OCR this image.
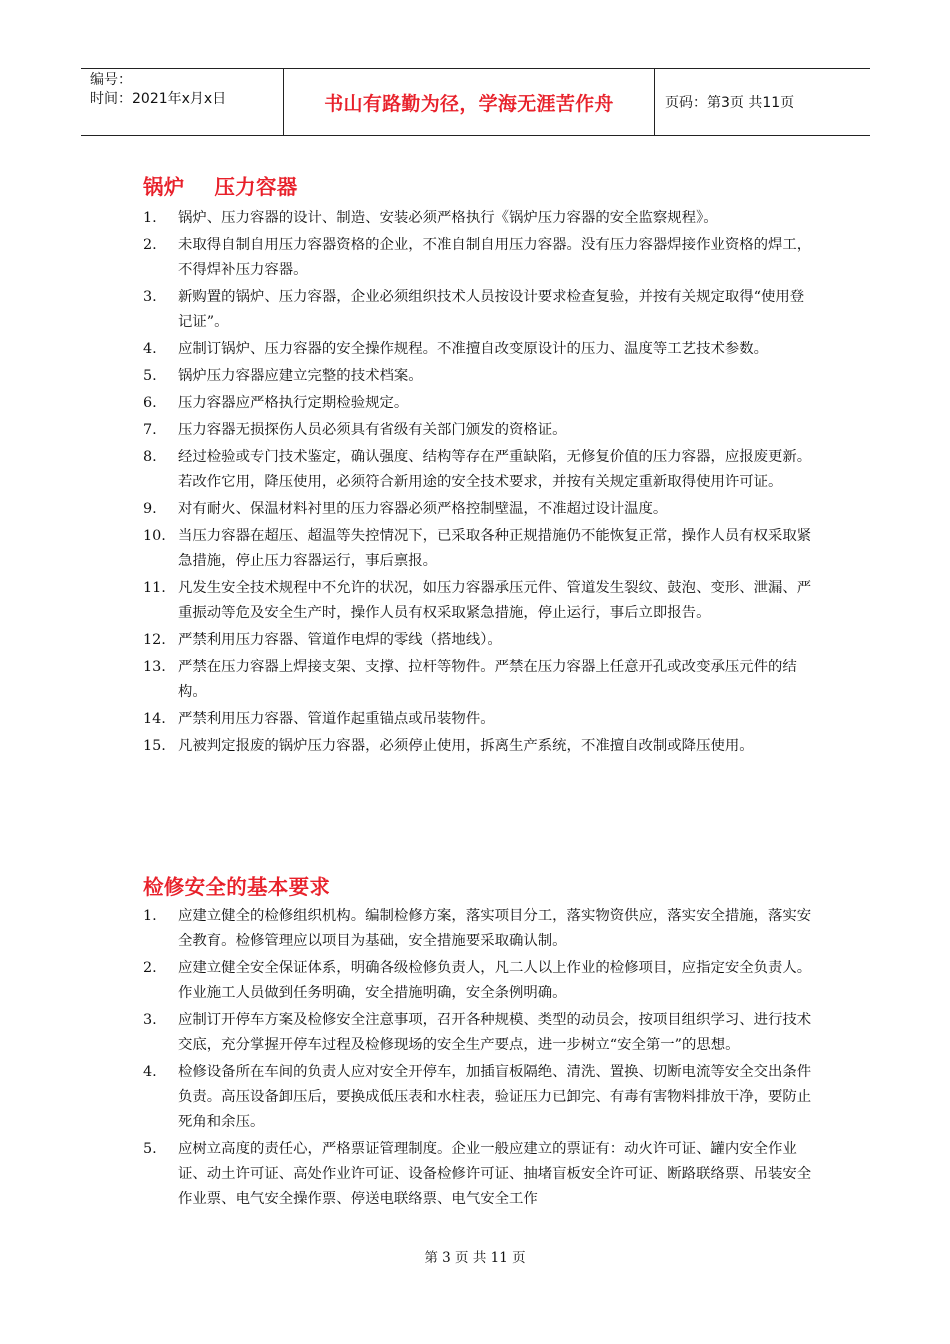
编号：
时间：2021年x月x日	书山有路勤为径，学海无涯苦作舟	页码：第3页 共11页
锅炉    压力容器
1. 锅炉、压力容器的设计、制造、安装必须严格执行《锅炉压力容器的安全监察规程》。
2. 未取得自制自用压力容器资格的企业，不准自制自用压力容器。没有压力容器焊接作业资格的焊工，不得焊补压力容器。
3. 新购置的锅炉、压力容器，企业必须组织技术人员按设计要求检查复验，并按有关规定取得“使用登记证”。
4. 应制订锅炉、压力容器的安全操作规程。不准擅自改变原设计的压力、温度等工艺技术参数。
5. 锅炉压力容器应建立完整的技术档案。
6. 压力容器应严格执行定期检验规定。
7. 压力容器无损探伤人员必须具有省级有关部门颁发的资格证。
8. 经过检验或专门技术鉴定，确认强度、结构等存在严重缺陷，无修复价值的压力容器，应报废更新。若改作它用，降压使用，必须符合新用途的安全技术要求，并按有关规定重新取得使用许可证。
9. 对有耐火、保温材料衬里的压力容器必须严格控制壁温，不准超过设计温度。
10. 当压力容器在超压、超温等失控情况下，已采取各种正规措施仍不能恢复正常，操作人员有权采取紧急措施，停止压力容器运行，事后禀报。
11. 凡发生安全技术规程中不允许的状况，如压力容器承压元件、管道发生裂纹、鼓泡、变形、泄漏、严重振动等危及安全生产时，操作人员有权采取紧急措施，停止运行，事后立即报告。
12. 严禁利用压力容器、管道作电焊的零线（搭地线）。
13. 严禁在压力容器上焊接支架、支撑、拉杆等物件。严禁在压力容器上任意开孔或改变承压元件的结构。
14. 严禁利用压力容器、管道作起重锚点或吊装物件。
15. 凡被判定报废的锅炉压力容器，必须停止使用，拆离生产系统，不准擅自改制或降压使用。
检修安全的基本要求
1. 应建立健全的检修组织机构。编制检修方案，落实项目分工，落实物资供应，落实安全措施，落实安全教育。检修管理应以项目为基础，安全措施要采取确认制。
2. 应建立健全安全保证体系，明确各级检修负责人，凡二人以上作业的检修项目，应指定安全负责人。作业施工人员做到任务明确，安全措施明确，安全条例明确。
3. 应制订开停车方案及检修安全注意事项，召开各种规模、类型的动员会，按项目组织学习、进行技术交底，充分掌握开停车过程及检修现场的安全生产要点，进一步树立“安全第一”的思想。
4. 检修设备所在车间的负责人应对安全开停车，加插盲板隔绝、清洗、置换、切断电流等安全交出条件负责。高压设备卸压后，要换成低压表和水柱表，验证压力已卸完、有毒有害物料排放干净，要防止死角和余压。
5. 应树立高度的责任心，严格票证管理制度。企业一般应建立的票证有：动火许可证、罐内安全作业证、动土许可证、高处作业许可证、设备检修许可证、抽堵盲板安全许可证、断路联络票、吊装安全作业票、电气安全操作票、停送电联络票、电气安全工作
第 3 页 共 11 页
